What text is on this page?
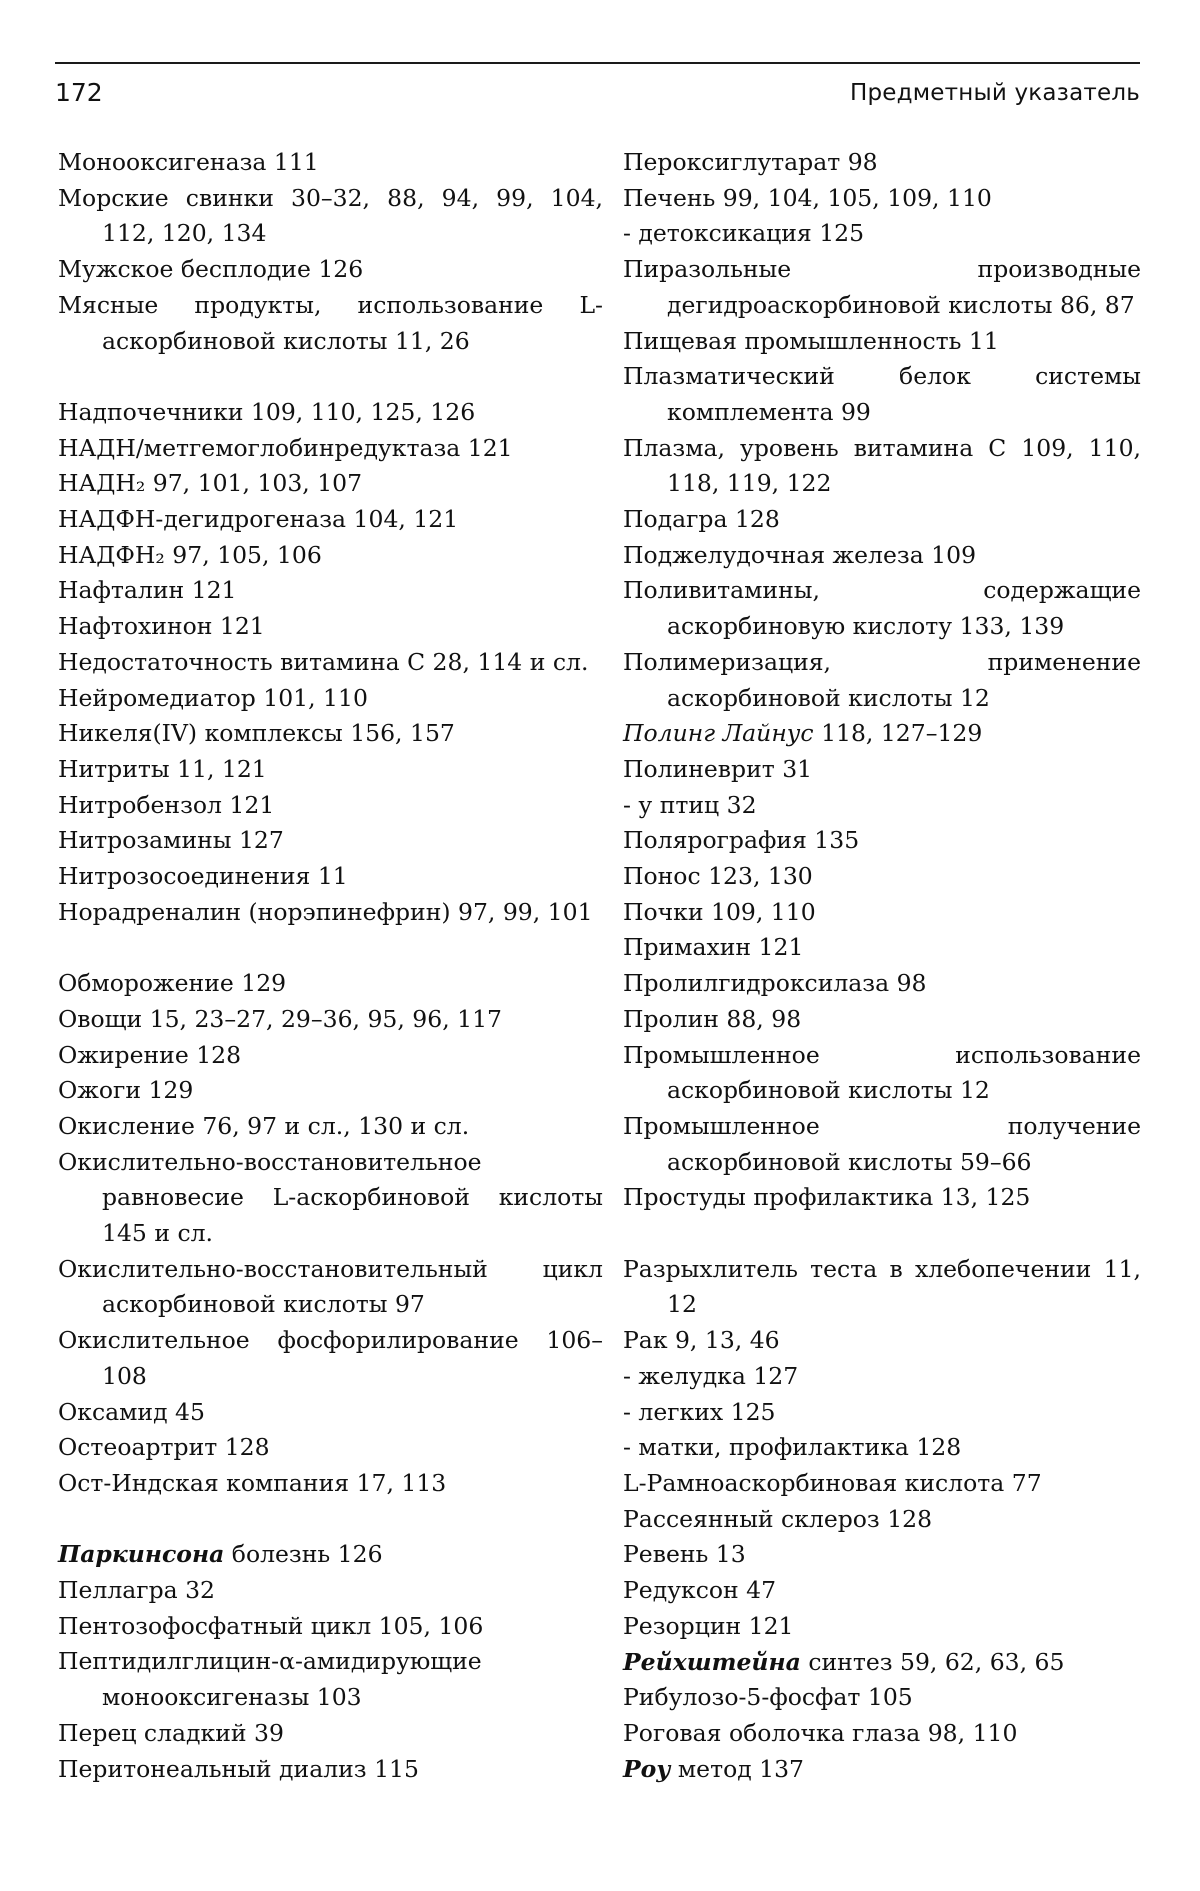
172	Предметный указатель

Монооксигеназа 111

Морские свинки 30–32, 88, 94, 99, 104, 112, 120, 134

Мужское бесплодие 126

Мясные продукты, использование L-аскорбиновой кислоты 11, 26

Надпочечники 109, 110, 125, 126

НАДН/метгемоглобинредуктаза 121

НАДН₂ 97, 101, 103, 107

НАДФН-дегидрогеназа 104, 121

НАДФН₂ 97, 105, 106

Нафталин 121

Нафтохинон 121

Недостаточность витамина С 28, 114 и сл.

Нейромедиатор 101, 110

Никеля(IV) комплексы 156, 157

Нитриты 11, 121

Нитробензол 121

Нитрозамины 127

Нитрозосоединения 11

Норадреналин (норэпинефрин) 97, 99, 101

Обморожение 129

Овощи 15, 23–27, 29–36, 95, 96, 117

Ожирение 128

Ожоги 129

Окисление 76, 97 и сл., 130 и сл.

Окислительно-восстановительное равновесие L-аскорбиновой кислоты 145 и сл.

Окислительно-восстановительный цикл аскорбиновой кислоты 97

Окислительное фосфорилирование 106–108

Оксамид 45

Остеоартрит 128

Ост-Индская компания 17, 113

Паркинсона болезнь 126

Пеллагра 32

Пентозофосфатный цикл 105, 106

Пептидилглицин-α-амидирующие монооксигеназы 103

Перец сладкий 39

Перитонеальный диализ 115

Пероксиглутарат 98

Печень 99, 104, 105, 109, 110

- детоксикация 125

Пиразольные производные дегидроаскорбиновой кислоты 86, 87

Пищевая промышленность 11

Плазматический белок системы комплемента 99

Плазма, уровень витамина С 109, 110, 118, 119, 122

Подагра 128

Поджелудочная железа 109

Поливитамины, содержащие аскорбиновую кислоту 133, 139

Полимеризация, применение аскорбиновой кислоты 12

Полинг Лайнус 118, 127–129

Полиневрит 31

- у птиц 32

Полярография 135

Понос 123, 130

Почки 109, 110

Примахин 121

Пролилгидроксилаза 98

Пролин 88, 98

Промышленное использование аскорбиновой кислоты 12

Промышленное получение аскорбиновой кислоты 59–66

Простуды профилактика 13, 125

Разрыхлитель теста в хлебопечении 11, 12

Рак 9, 13, 46

- желудка 127

- легких 125

- матки, профилактика 128

L-Рамноаскорбиновая кислота 77

Рассеянный склероз 128

Ревень 13

Редуксон 47

Резорцин 121

Рейхштейна синтез 59, 62, 63, 65

Рибулозо-5-фосфат 105

Роговая оболочка глаза 98, 110

Роу метод 137
